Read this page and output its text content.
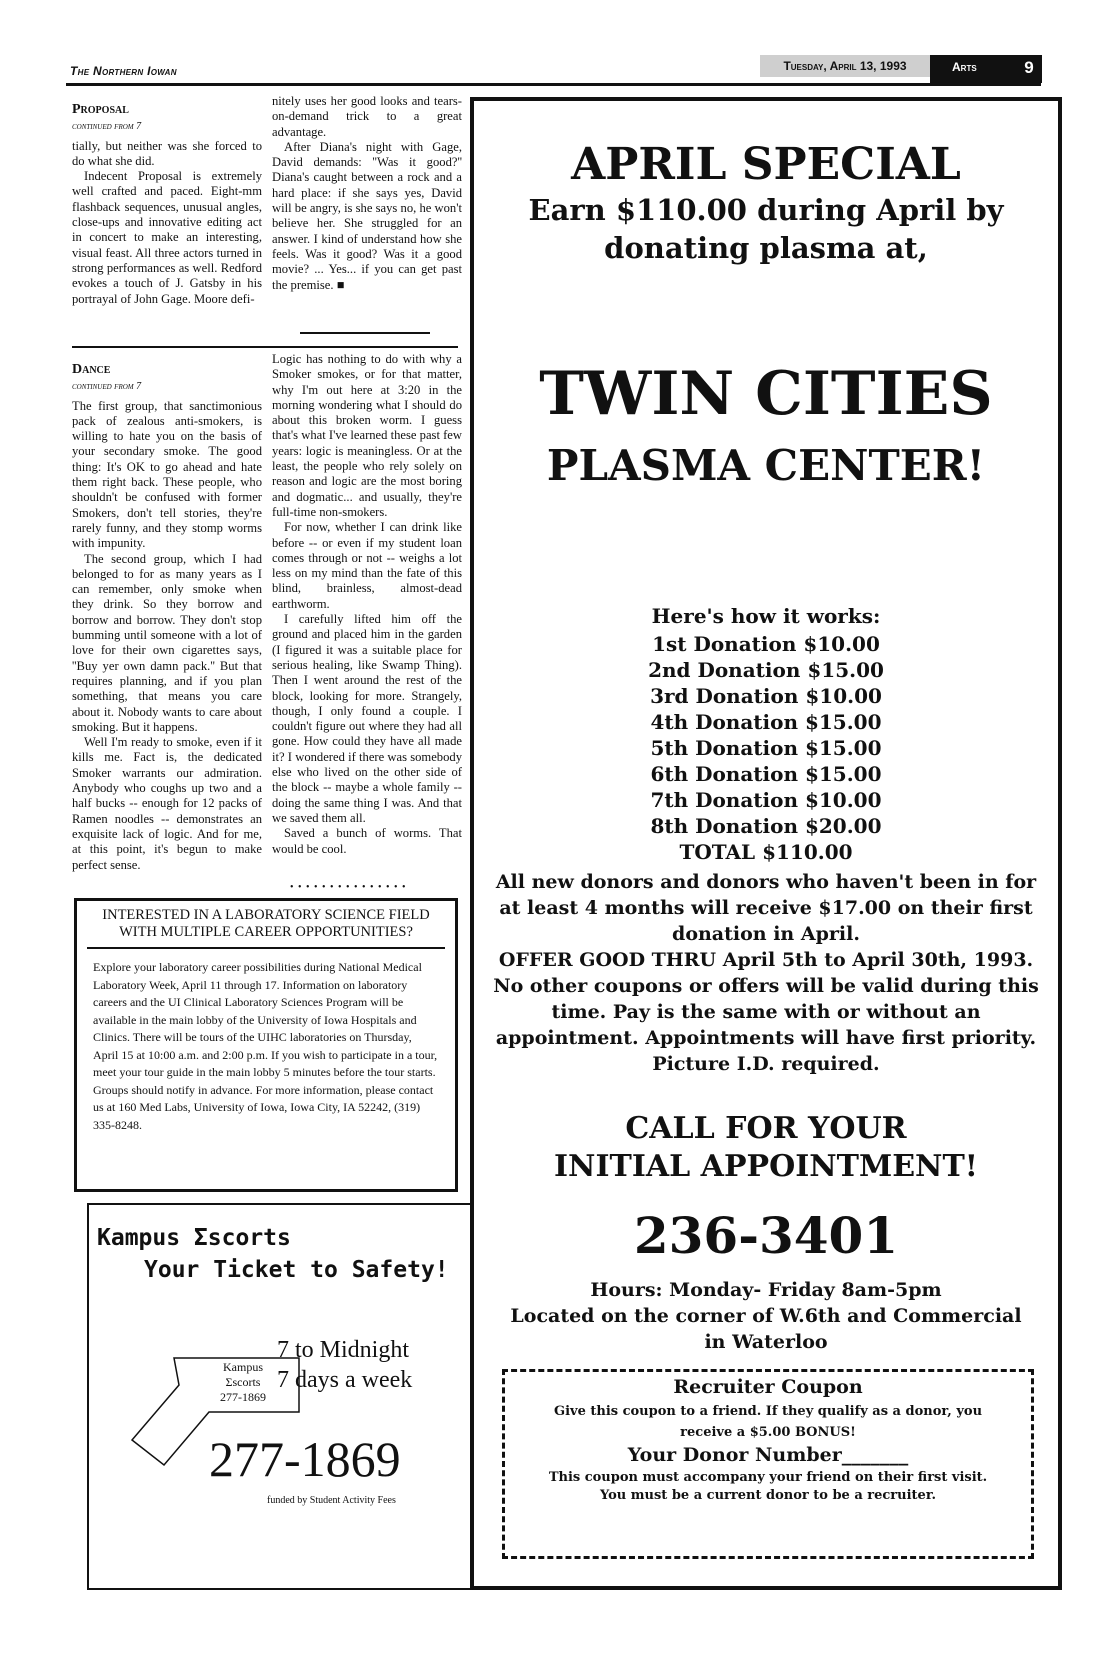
The Northern Iowan	Tuesday, April 13, 1993	Arts	9
Proposal
continued from 7

tially, but neither was she forced to do what she did.

Indecent Proposal is extremely well crafted and paced. Eight-mm flashback sequences, unusual angles, close-ups and innovative editing act in concert to make an interesting, visual feast. All three actors turned in strong performances as well. Redford evokes a touch of J. Gatsby in his portrayal of John Gage. Moore defi-

nitely uses her good looks and tears-on-demand trick to a great advantage.

After Diana's night with Gage, David demands: ''Was it good?'' Diana's caught between a rock and a hard place: if she says yes, David will be angry, is she says no, he won't believe her. She struggled for an answer. I kind of understand how she feels. Was it good? Was it a good movie? ... Yes... if you can get past the premise. ■

Dance
continued from 7

The first group, that sanctimonious pack of zealous anti-smokers, is willing to hate you on the basis of your secondary smoke. The good thing: It's OK to go ahead and hate them right back. These people, who shouldn't be confused with former Smokers, don't tell stories, they're rarely funny, and they stomp worms with impunity.

The second group, which I had belonged to for as many years as I can remember, only smoke when they drink. So they borrow and borrow and borrow. They don't stop bumming until someone with a lot of love for their own cigarettes says, ''Buy yer own damn pack.'' But that requires planning, and if you plan something, that means you care about it. Nobody wants to care about smoking. But it happens.

Well I'm ready to smoke, even if it kills me. Fact is, the dedicated Smoker warrants our admiration. Anybody who coughs up two and a half bucks -- enough for 12 packs of Ramen noodles -- demonstrates an exquisite lack of logic. And for me, at this point, it's begun to make perfect sense.

Logic has nothing to do with why a Smoker smokes, or for that matter, why I'm out here at 3:20 in the morning wondering what I should do about this broken worm. I guess that's what I've learned these past few years: logic is meaningless. Or at the least, the people who rely solely on reason and logic are the most boring and dogmatic... and usually, they're full-time non-smokers.

For now, whether I can drink like before -- or even if my student loan comes through or not -- weighs a lot less on my mind than the fate of this blind, brainless, almost-dead earthworm.

I carefully lifted him off the ground and placed him in the garden (I figured it was a suitable place for serious healing, like Swamp Thing). Then I went around the rest of the block, looking for more. Strangely, though, I only found a couple. I couldn't figure out where they had all gone. How could they have all made it? I wondered if there was somebody else who lived on the other side of the block -- maybe a whole family -- doing the same thing I was. And that we saved them all.

Saved a bunch of worms. That would be cool.

• • • • • • • • • • • • • • •
INTERESTED IN A LABORATORY SCIENCE FIELD WITH MULTIPLE CAREER OPPORTUNITIES?
Explore your laboratory career possibilities during National Medical Laboratory Week, April 11 through 17. Information on laboratory careers and the UI Clinical Laboratory Sciences Program will be available in the main lobby of the University of Iowa Hospitals and Clinics. There will be tours of the UIHC laboratories on Thursday, April 15 at 10:00 a.m. and 2:00 p.m. If you wish to participate in a tour, meet your tour guide in the main lobby 5 minutes before the tour starts. Groups should notify in advance. For more information, please contact us at 160 Med Labs, University of Iowa, Iowa City, IA 52242, (319) 335-8248.
Kampus Σscorts
Your Ticket to Safety!
Kampus
Σscorts
277-1869
7 to Midnight
7 days a week
277-1869
funded by Student Activity Fees
APRIL SPECIAL
Earn $110.00 during April by
donating plasma at,
TWIN CITIES
PLASMA CENTER!
Here's how it works:
1st Donation $10.00
2nd Donation $15.00
3rd Donation $10.00
4th Donation $15.00
5th Donation $15.00
6th Donation $15.00
7th Donation $10.00
8th Donation $20.00
TOTAL $110.00
All new donors and donors who haven't been in for at least 4 months will receive $17.00 on their first donation in April.
OFFER GOOD THRU April 5th to April 30th, 1993. No other coupons or offers will be valid during this time. Pay is the same with or without an appointment. Appointments will have first priority. Picture I.D. required.
CALL FOR YOUR
INITIAL APPOINTMENT!
236-3401
Hours: Monday- Friday 8am-5pm
Located on the corner of W.6th and Commercial
in Waterloo
Recruiter Coupon
Give this coupon to a friend. If they qualify as a donor, you
receive a $5.00 BONUS!
Your Donor Number_______
This coupon must accompany your friend on their first visit.
You must be a current donor to be a recruiter.
